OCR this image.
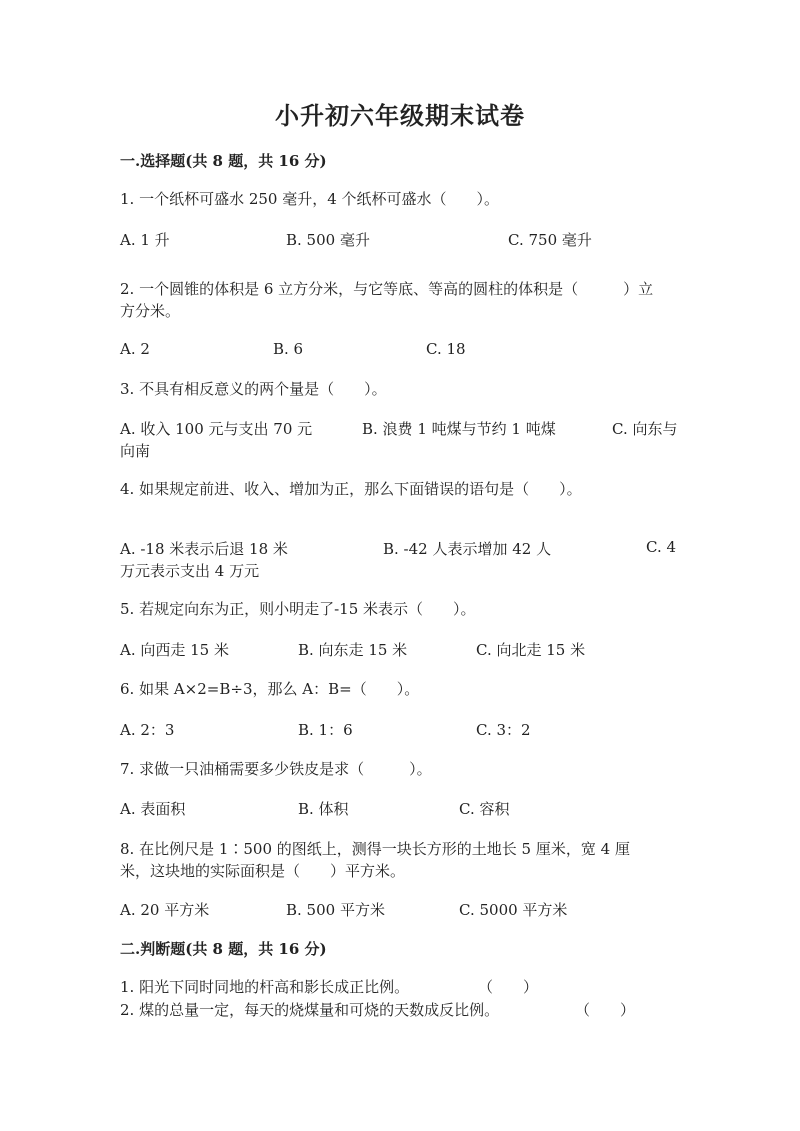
小升初六年级期末试卷
一.选择题(共 8 题，共 16 分)
1. 一个纸杯可盛水 250 毫升，4 个纸杯可盛水（　　）。
A. 1 升	B. 500 毫升	C. 750 毫升
2. 一个圆锥的体积是 6 立方分米，与它等底、等高的圆柱的体积是（　　　）立
方分米。
A. 2	B. 6	C. 18
3. 不具有相反意义的两个量是（　　）。
A. 收入 100 元与支出 70 元	B. 浪费 1 吨煤与节约 1 吨煤	C. 向东与
向南
4. 如果规定前进、收入、增加为正，那么下面错误的语句是（　　）。
A. -18 米表示后退 18 米	B. -42 人表示增加 42 人	C. 4
万元表示支出 4 万元
5. 若规定向东为正，则小明走了-15 米表示（　　）。
A. 向西走 15 米	B. 向东走 15 米	C. 向北走 15 米
6. 如果 A×2=B÷3，那么 A：B=（　　）。
A. 2：3	B. 1：6	C. 3：2
7. 求做一只油桶需要多少铁皮是求（　　　）。
A. 表面积	B. 体积	C. 容积
8. 在比例尺是 1∶500 的图纸上，测得一块长方形的土地长 5 厘米，宽 4 厘
米，这块地的实际面积是（　　）平方米。
A. 20 平方米	B. 500 平方米	C. 5000 平方米
二.判断题(共 8 题，共 16 分)
1. 阳光下同时同地的杆高和影长成正比例。	（　　）
2. 煤的总量一定，每天的烧煤量和可烧的天数成反比例。	（　　）
